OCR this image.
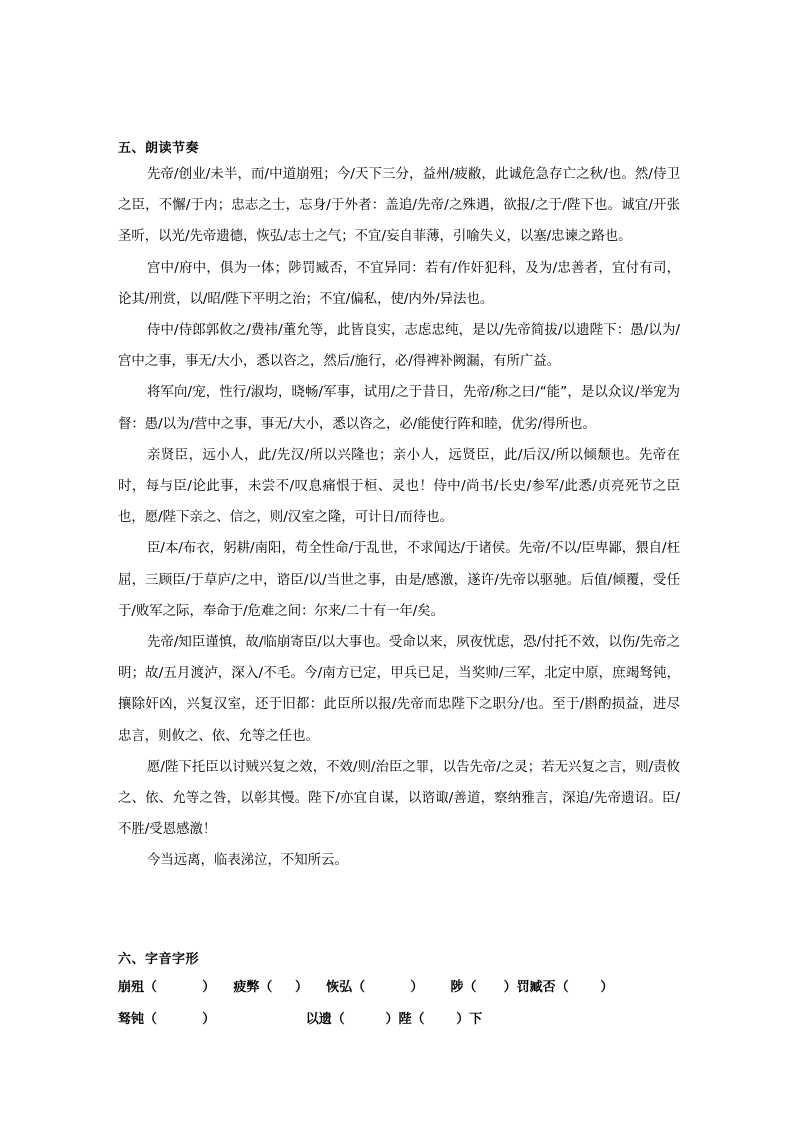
五、朗读节奏

先帝/创业/未半，而/中道崩殂；今/天下三分，益州/疲敝，此诚危急存亡之秋/也。然/侍卫之臣，不懈/于内；忠志之士，忘身/于外者：盖追/先帝/之殊遇，欲报/之于/陛下也。诚宜/开张圣听，以光/先帝遗德，恢弘/志士之气；不宜/妄自菲薄，引喻失义，以塞/忠谏之路也。

宫中/府中，俱为一体；陟罚臧否，不宜异同：若有/作奸犯科，及为/忠善者，宜付有司，论其/刑赏，以/昭/陛下平明之治；不宜/偏私，使/内外/异法也。

侍中/侍郎郭攸之/费祎/董允等，此皆良实，志虑忠纯，是以/先帝简拔/以遗陛下：愚/以为/宫中之事，事无/大小，悉以咨之，然后/施行，必/得裨补阙漏，有所广益。

将军向/宠，性行/淑均，晓畅/军事，试用/之于昔日，先帝/称之曰/“能”，是以众议/举宠为督：愚/以为/营中之事，事无/大小，悉以咨之，必/能使行阵和睦，优劣/得所也。

亲贤臣，远小人，此/先汉/所以兴隆也；亲小人，远贤臣，此/后汉/所以倾颓也。先帝在时，每与臣/论此事，未尝不/叹息痛恨于桓、灵也！侍中/尚书/长史/参军/此悉/贞亮死节之臣也，愿/陛下亲之、信之，则/汉室之隆，可计日/而待也。

臣/本/布衣，躬耕/南阳，苟全性命/于乱世，不求闻达/于诸侯。先帝/不以/臣卑鄙，猥自/枉屈，三顾臣/于草庐/之中，谘臣/以/当世之事，由是/感激，遂许/先帝以驱驰。后值/倾覆，受任于/败军之际，奉命于/危难之间：尔来/二十有一年/矣。

先帝/知臣谨慎，故/临崩寄臣/以大事也。受命以来，夙夜忧虑，恐/付托不效，以伤/先帝之明；故/五月渡泸，深入/不毛。今/南方已定，甲兵已足，当奖帅/三军，北定中原，庶竭驽钝，攘除奸凶，兴复汉室，还于旧都：此臣所以报/先帝而忠陛下之职分/也。至于/斟酌损益，进尽忠言，则攸之、依、允等之任也。

愿/陛下托臣以讨贼兴复之效，不效/则/治臣之罪，以告先帝/之灵；若无兴复之言，则/责攸之、依、允等之咎，以彰其慢。陛下/亦宜自谋，以谘诹/善道，察纳雅言，深追/先帝遗诏。臣/不胜/受恩感激！

今当远离，临表涕泣，不知所云。

六、字音字形
崩殂（          ）    疲弊（     ）    恢弘（          ）      陟（      ）罚臧否（       ）
驽钝（          ）                    以遗（         ）陛（       ）下
